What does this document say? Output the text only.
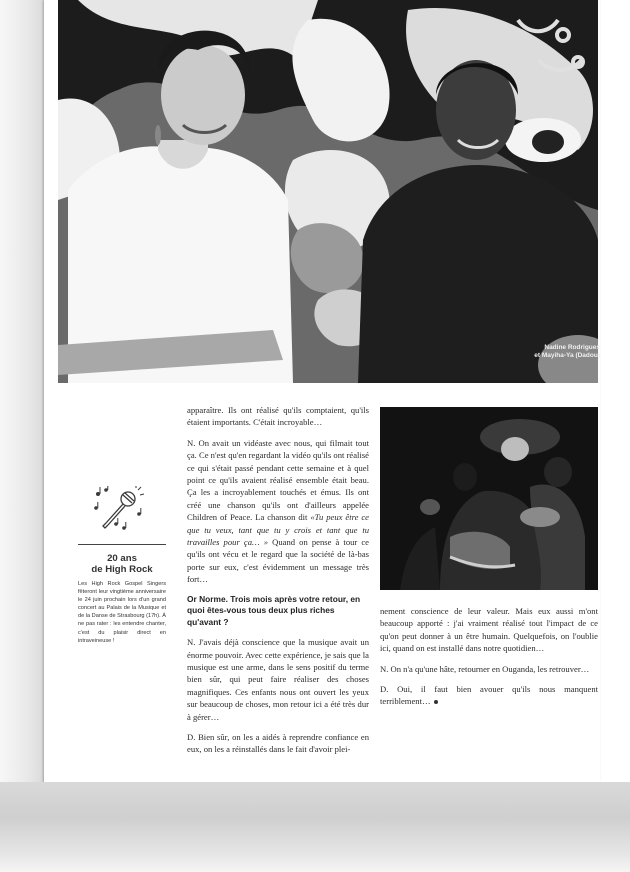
Nadine Rodrigues
et Mayiha-Ya (Dadou)
20 ans
de High Rock
Les High Rock Gospel Singers fêteront leur vingtième anniversaire le 24 juin prochain lors d'un grand concert au Palais de la Musique et de la Danse de Strasbourg (17h). À ne pas rater : les entendre chanter, c'est du plaisir direct en intraveineuse !

apparaître. Ils ont réalisé qu'ils comptaient, qu'ils étaient importants. C'était incroyable…

N. On avait un vidéaste avec nous, qui filmait tout ça. Ce n'est qu'en regardant la vidéo qu'ils ont réalisé ce qui s'était passé pendant cette semaine et à quel point ce qu'ils avaient réalisé ensemble était beau. Ça les a incroyablement touchés et émus. Ils ont créé une chanson qu'ils ont d'ailleurs appelée Children of Peace. La chanson dit «Tu peux être ce que tu veux, tant que tu y crois et tant que tu travailles pour ça… » Quand on pense à tour ce qu'ils ont vécu et le regard que la société de là-bas porte sur eux, c'est évidemment un message très fort…

Or Norme. Trois mois après votre retour, en quoi êtes-vous tous deux plus riches qu'avant ?

N. J'avais déjà conscience que la musique avait un énorme pouvoir. Avec cette expérience, je sais que la musique est une arme, dans le sens positif du terme bien sûr, qui peut faire réaliser des choses magnifiques. Ces enfants nous ont ouvert les yeux sur beaucoup de choses, mon retour ici a été très dur à gérer…

D. Bien sûr, on les a aidés à reprendre confiance en eux, on les a réinstallés dans le fait d'avoir plei-

nement conscience de leur valeur. Mais eux aussi m'ont beaucoup apporté : j'ai vraiment réalisé tout l'impact de ce qu'on peut donner à un être humain. Quelquefois, on l'oublie ici, quand on est installé dans notre quotidien…

N. On n'a qu'une hâte, retourner en Ouganda, les retrouver…

D. Oui, il faut bien avouer qu'ils nous manquent terriblement…
